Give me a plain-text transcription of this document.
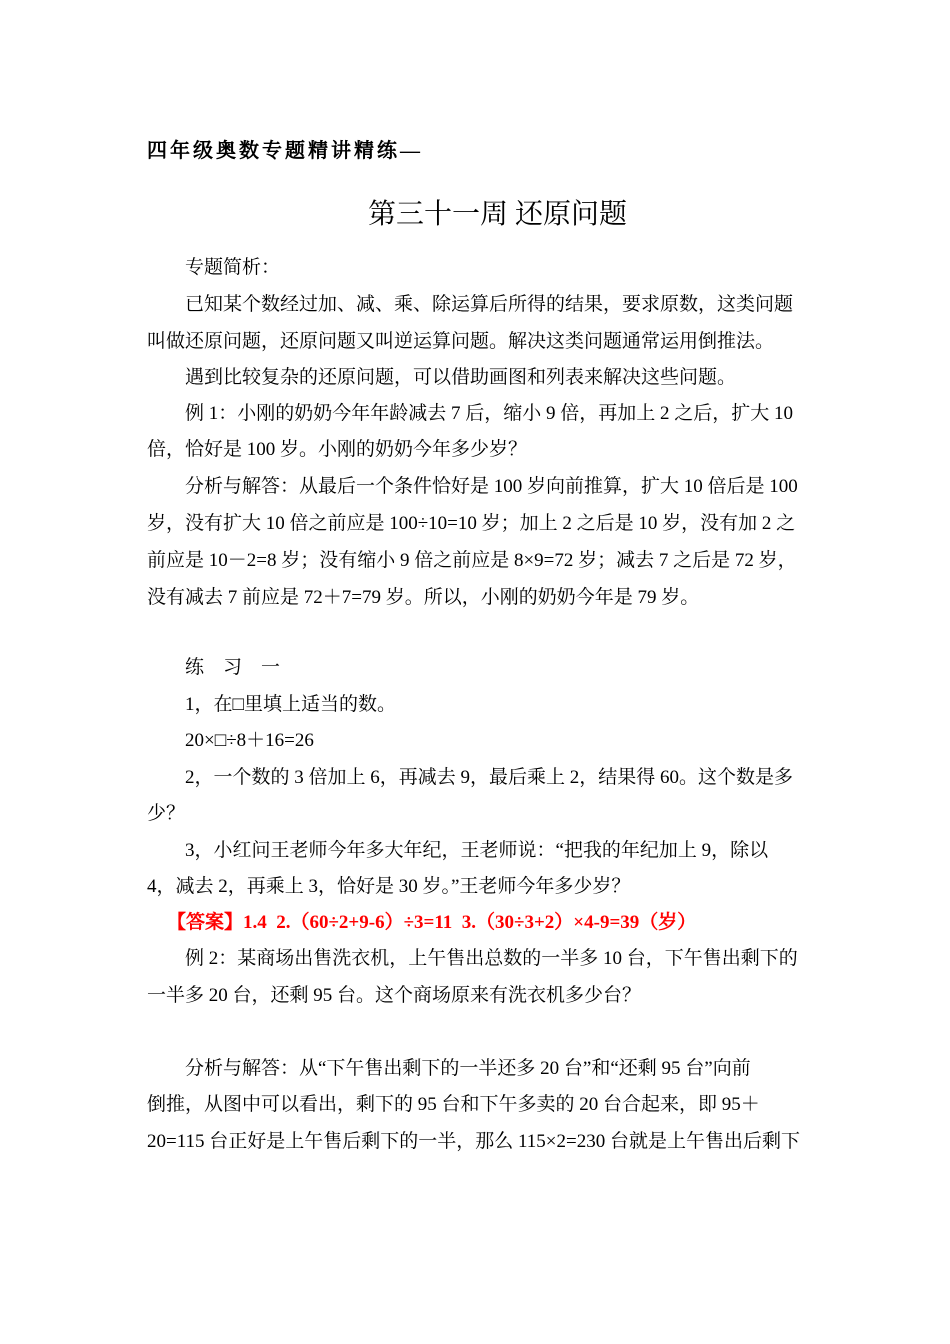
四年级奥数专题精讲精练—
第三十一周 还原问题
专题简析：
已知某个数经过加、减、乘、除运算后所得的结果，要求原数，这类问题
叫做还原问题，还原问题又叫逆运算问题。解决这类问题通常运用倒推法。
遇到比较复杂的还原问题，可以借助画图和列表来解决这些问题。
例 1：小刚的奶奶今年年龄减去 7 后，缩小 9 倍，再加上 2 之后，扩大 10
倍，恰好是 100 岁。小刚的奶奶今年多少岁？
分析与解答：从最后一个条件恰好是 100 岁向前推算，扩大 10 倍后是 100
岁，没有扩大 10 倍之前应是 100÷10=10 岁；加上 2 之后是 10 岁，没有加 2 之
前应是 10－2=8 岁；没有缩小 9 倍之前应是 8×9=72 岁；减去 7 之后是 72 岁，
没有减去 7 前应是 72＋7=79 岁。所以，小刚的奶奶今年是 79 岁。
练　习　一
1，在□里填上适当的数。
20×□÷8＋16=26
2，一个数的 3 倍加上 6，再减去 9，最后乘上 2，结果得 60。这个数是多
少？
3，小红问王老师今年多大年纪，王老师说：“把我的年纪加上 9，除以
4，减去 2，再乘上 3，恰好是 30 岁。”王老师今年多少岁？
【答案】1.4  2.（60÷2+9-6）÷3=11  3.（30÷3+2）×4-9=39（岁）
例 2：某商场出售洗衣机，上午售出总数的一半多 10 台，下午售出剩下的
一半多 20 台，还剩 95 台。这个商场原来有洗衣机多少台？
分析与解答：从“下午售出剩下的一半还多 20 台”和“还剩 95 台”向前
倒推，从图中可以看出，剩下的 95 台和下午多卖的 20 台合起来，即 95＋
20=115 台正好是上午售后剩下的一半，那么 115×2=230 台就是上午售出后剩下
